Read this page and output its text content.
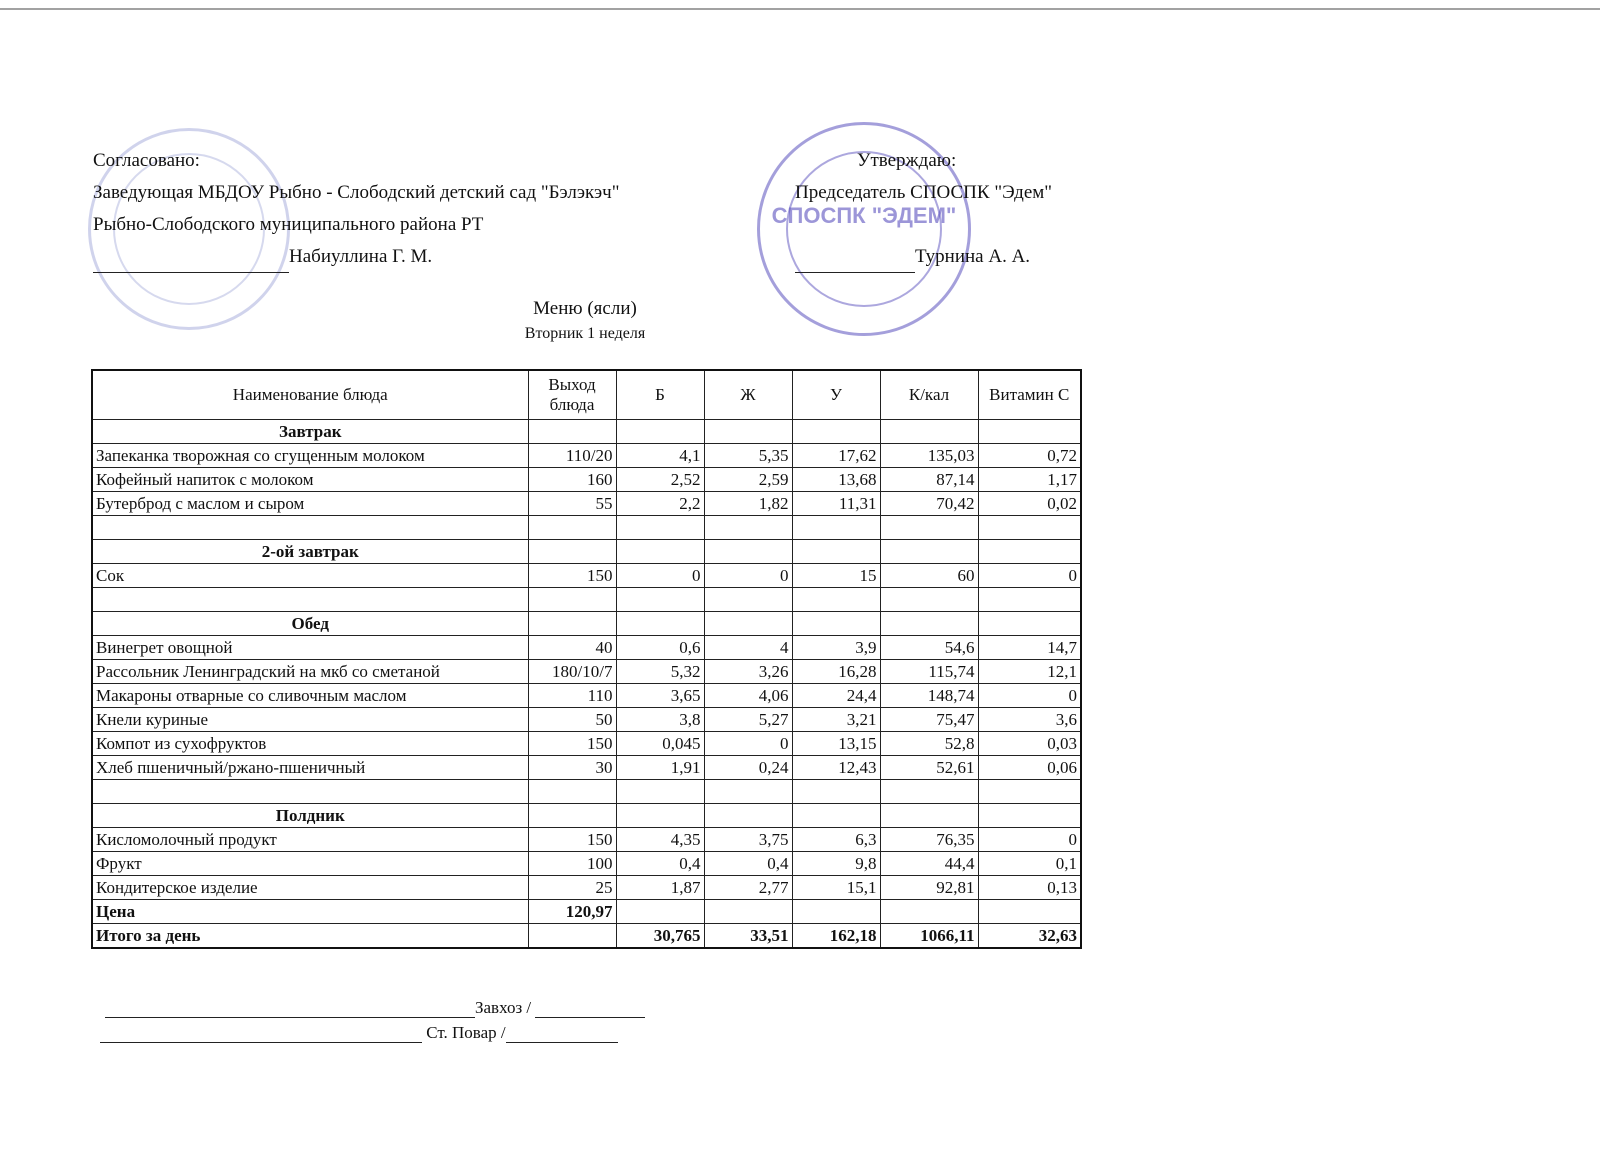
СПОСПК "ЭДЕМ"
Согласовано:
Заведующая МБДОУ Рыбно - Слободский детский сад "Бэлэкэч"
Рыбно-Слободского муниципального района РТ
Набиуллина Г. М.
Утверждаю:
Председатель СПОСПК "Эдем"

Турнина А. А.
Меню (ясли)
Вторник 1 неделя
Наименование блюда	Выход блюда	Б	Ж	У	К/кал	Витамин С
Завтрак						
Запеканка творожная со сгущенным молоком	110/20	4,1	5,35	17,62	135,03	0,72
Кофейный напиток с молоком	160	2,52	2,59	13,68	87,14	1,17
Бутерброд с маслом и сыром	55	2,2	1,82	11,31	70,42	0,02

2-ой завтрак						
Сок	150	0	0	15	60	0

Обед						
Винегрет овощной	40	0,6	4	3,9	54,6	14,7
Рассольник Ленинградский на мкб со сметаной	180/10/7	5,32	3,26	16,28	115,74	12,1
Макароны отварные со сливочным маслом	110	3,65	4,06	24,4	148,74	0
Кнели куриные	50	3,8	5,27	3,21	75,47	3,6
Компот из сухофруктов	150	0,045	0	13,15	52,8	0,03
Хлеб пшеничный/ржано-пшеничный	30	1,91	0,24	12,43	52,61	0,06

Полдник						
Кисломолочный продукт	150	4,35	3,75	6,3	76,35	0
Фрукт	100	0,4	0,4	9,8	44,4	0,1
Кондитерское изделие	25	1,87	2,77	15,1	92,81	0,13
Цена	120,97					
Итого за день		30,765	33,51	162,18	1066,11	32,63
Завхоз /
Ст. Повар /
